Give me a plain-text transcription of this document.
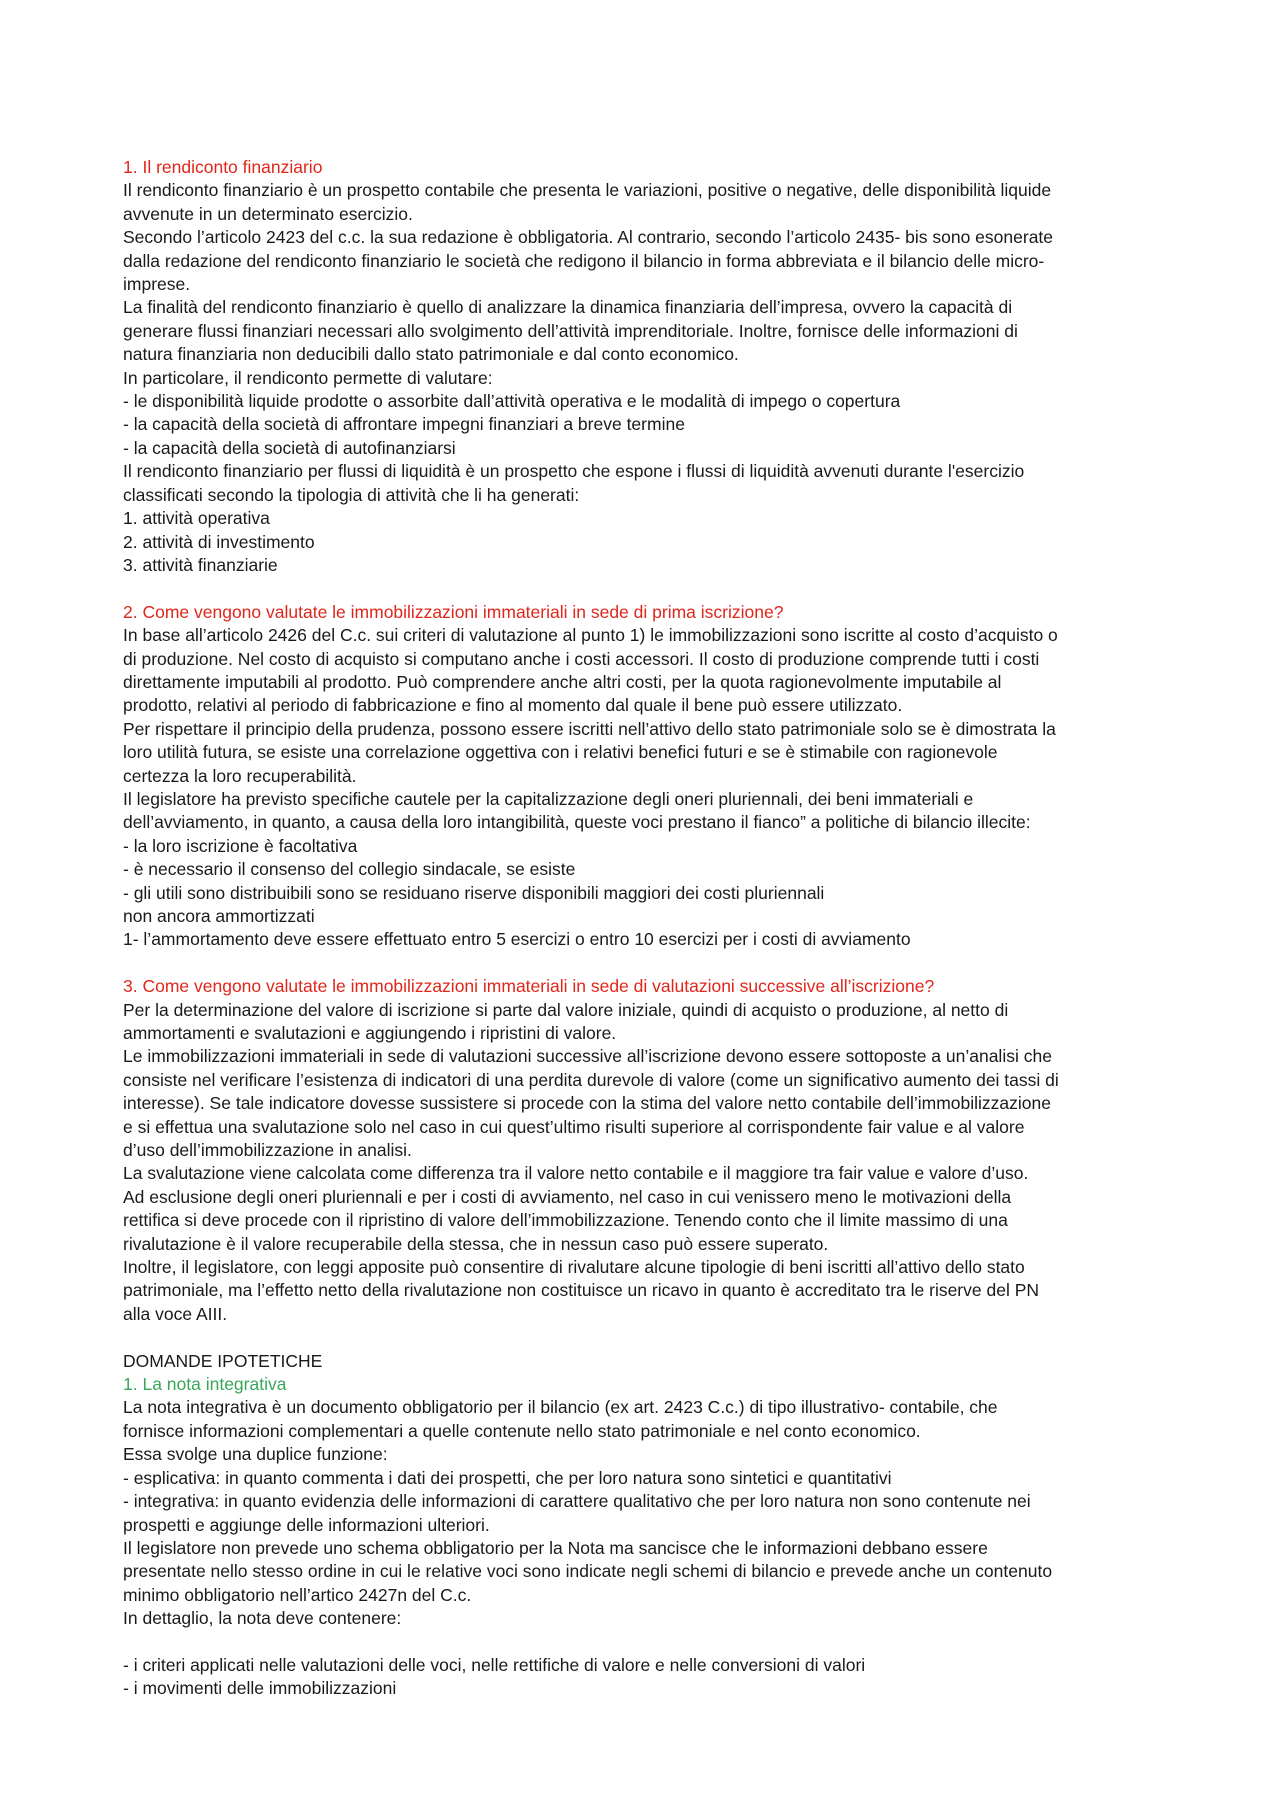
1. Il rendiconto finanziario
Il rendiconto finanziario è un prospetto contabile che presenta le variazioni, positive o negative, delle disponibilità liquide
avvenute in un determinato esercizio.
Secondo l’articolo 2423 del c.c. la sua redazione è obbligatoria. Al contrario, secondo l’articolo 2435- bis sono esonerate
dalla redazione del rendiconto finanziario le società che redigono il bilancio in forma abbreviata e il bilancio delle micro-
imprese.
La finalità del rendiconto finanziario è quello di analizzare la dinamica finanziaria dell’impresa, ovvero la capacità di
generare flussi finanziari necessari allo svolgimento dell’attività imprenditoriale. Inoltre, fornisce delle informazioni di
natura finanziaria non deducibili dallo stato patrimoniale e dal conto economico.
In particolare, il rendiconto permette di valutare:
- le disponibilità liquide prodotte o assorbite dall’attività operativa e le modalità di impego o copertura
- la capacità della società di affrontare impegni finanziari a breve termine
- la capacità della società di autofinanziarsi
Il rendiconto finanziario per flussi di liquidità è un prospetto che espone i flussi di liquidità avvenuti durante l'esercizio
classificati secondo la tipologia di attività che li ha generati:
1. attività operativa
2. attività di investimento
3. attività finanziarie
2. Come vengono valutate le immobilizzazioni immateriali in sede di prima iscrizione?
In base all’articolo 2426 del C.c. sui criteri di valutazione al punto 1) le immobilizzazioni sono iscritte al costo d’acquisto o
di produzione. Nel costo di acquisto si computano anche i costi accessori. Il costo di produzione comprende tutti i costi
direttamente imputabili al prodotto. Può comprendere anche altri costi, per la quota ragionevolmente imputabile al
prodotto, relativi al periodo di fabbricazione e fino al momento dal quale il bene può essere utilizzato.
Per rispettare il principio della prudenza, possono essere iscritti nell’attivo dello stato patrimoniale solo se è dimostrata la
loro utilità futura, se esiste una correlazione oggettiva con i relativi benefici futuri e se è stimabile con ragionevole
certezza la loro recuperabilità.
Il legislatore ha previsto specifiche cautele per la capitalizzazione degli oneri pluriennali, dei beni immateriali e
dell’avviamento, in quanto, a causa della loro intangibilità, queste voci prestano il fianco” a politiche di bilancio illecite:
- la loro iscrizione è facoltativa
- è necessario il consenso del collegio sindacale, se esiste
- gli utili sono distribuibili sono se residuano riserve disponibili maggiori dei costi pluriennali
non ancora ammortizzati
1- l’ammortamento deve essere effettuato entro 5 esercizi o entro 10 esercizi per i costi di avviamento
3. Come vengono valutate le immobilizzazioni immateriali in sede di valutazioni successive all’iscrizione?
Per la determinazione del valore di iscrizione si parte dal valore iniziale, quindi di acquisto o produzione, al netto di
ammortamenti e svalutazioni e aggiungendo i ripristini di valore.
Le immobilizzazioni immateriali in sede di valutazioni successive all’iscrizione devono essere sottoposte a un’analisi che
consiste nel verificare l’esistenza di indicatori di una perdita durevole di valore (come un significativo aumento dei tassi di
interesse). Se tale indicatore dovesse sussistere si procede con la stima del valore netto contabile dell’immobilizzazione
e si effettua una svalutazione solo nel caso in cui quest’ultimo risulti superiore al corrispondente fair value e al valore
d’uso dell’immobilizzazione in analisi.
La svalutazione viene calcolata come differenza tra il valore netto contabile e il maggiore tra fair value e valore d’uso.
Ad esclusione degli oneri pluriennali e per i costi di avviamento, nel caso in cui venissero meno le motivazioni della
rettifica si deve procede con il ripristino di valore dell’immobilizzazione. Tenendo conto che il limite massimo di una
rivalutazione è il valore recuperabile della stessa, che in nessun caso può essere superato.
Inoltre, il legislatore, con leggi apposite può consentire di rivalutare alcune tipologie di beni iscritti all’attivo dello stato
patrimoniale, ma l’effetto netto della rivalutazione non costituisce un ricavo in quanto è accreditato tra le riserve del PN
alla voce AIII.
DOMANDE IPOTETICHE
1. La nota integrativa
La nota integrativa è un documento obbligatorio per il bilancio (ex art. 2423 C.c.) di tipo illustrativo- contabile, che
fornisce informazioni complementari a quelle contenute nello stato patrimoniale e nel conto economico.
Essa svolge una duplice funzione:
- esplicativa: in quanto commenta i dati dei prospetti, che per loro natura sono sintetici e quantitativi
- integrativa: in quanto evidenzia delle informazioni di carattere qualitativo che per loro natura non sono contenute nei
prospetti e aggiunge delle informazioni ulteriori.
Il legislatore non prevede uno schema obbligatorio per la Nota ma sancisce che le informazioni debbano essere
presentate nello stesso ordine in cui le relative voci sono indicate negli schemi di bilancio e prevede anche un contenuto
minimo obbligatorio nell’artico 2427n del C.c.
In dettaglio, la nota deve contenere:
- i criteri applicati nelle valutazioni delle voci, nelle rettifiche di valore e nelle conversioni di valori
- i movimenti delle immobilizzazioni
